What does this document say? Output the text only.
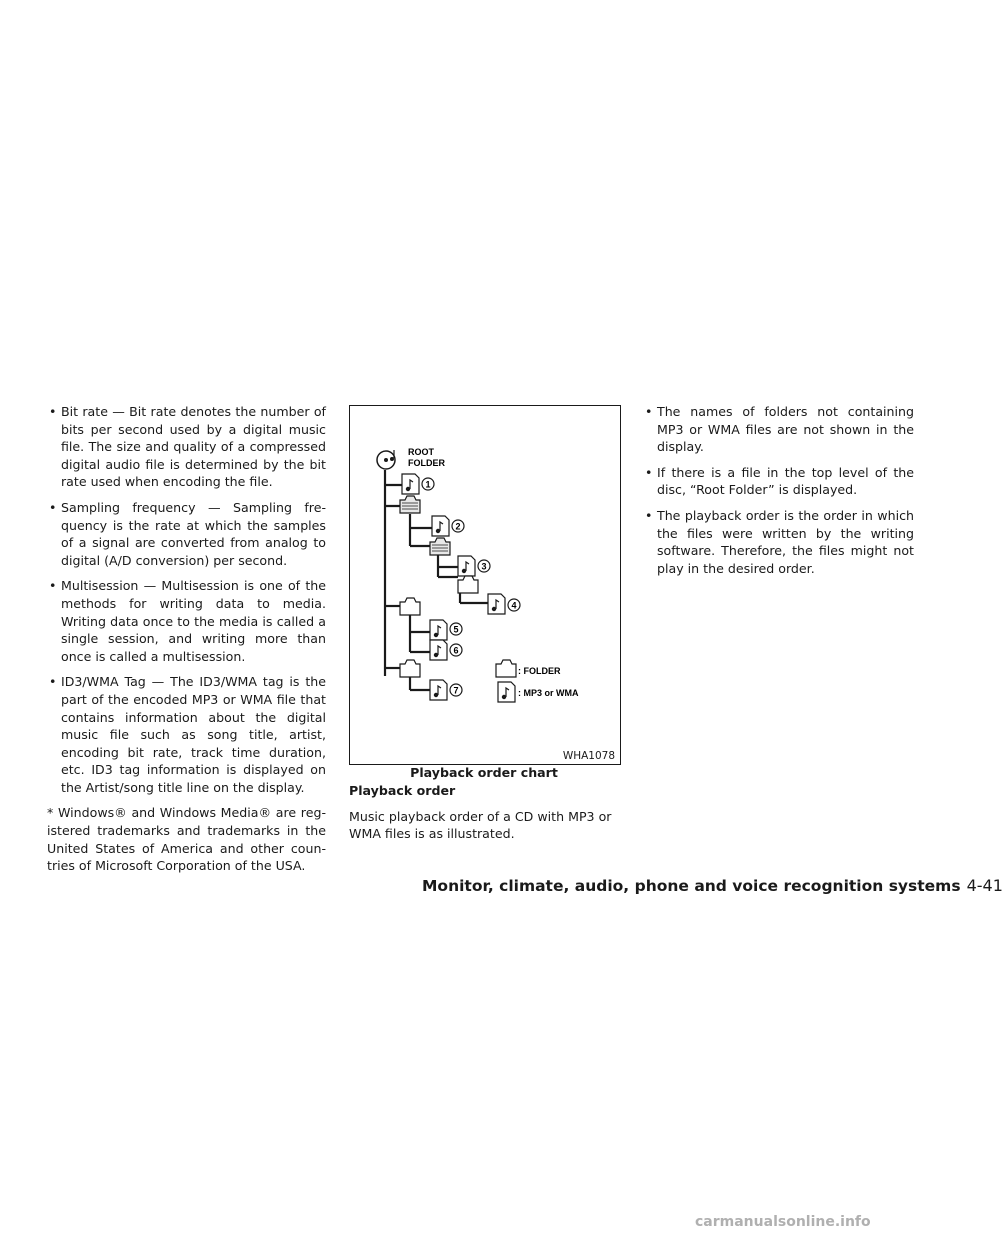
• Bit rate — Bit rate denotes the number of bits per second used by a digital music file. The size and quality of a compressed digital audio file is determined by the bit rate used when encoding the file.
• Sampling frequency — Sampling frequency is the rate at which the samples of a signal are converted from analog to digital (A/D conversion) per second.
• Multisession — Multisession is one of the methods for writing data to media. Writing data once to the media is called a single session, and writing more than once is called a multisession.
• ID3/WMA Tag — The ID3/WMA tag is the part of the encoded MP3 or WMA file that contains information about the digital music file such as song title, artist, encoding bit rate, track time duration, etc. ID3 tag information is displayed on the Artist/song title line on the display.

* Windows® and Windows Media® are registered trademarks and trademarks in the United States of America and other countries of Microsoft Corporation of the USA.

ROOT
FOLDER
1
2
3
4
5
6
7
: FOLDER
: MP3 or WMA
WHA1078
Playback order chart
Playback order

Music playback order of a CD with MP3 or WMA files is as illustrated.

• The names of folders not containing MP3 or WMA files are not shown in the display.
• If there is a file in the top level of the disc, “Root Folder” is displayed.
• The playback order is the order in which the files were written by the writing software. Therefore, the files might not play in the desired order.
Monitor, climate, audio, phone and voice recognition systems 4-41
carmanualsonline.info
